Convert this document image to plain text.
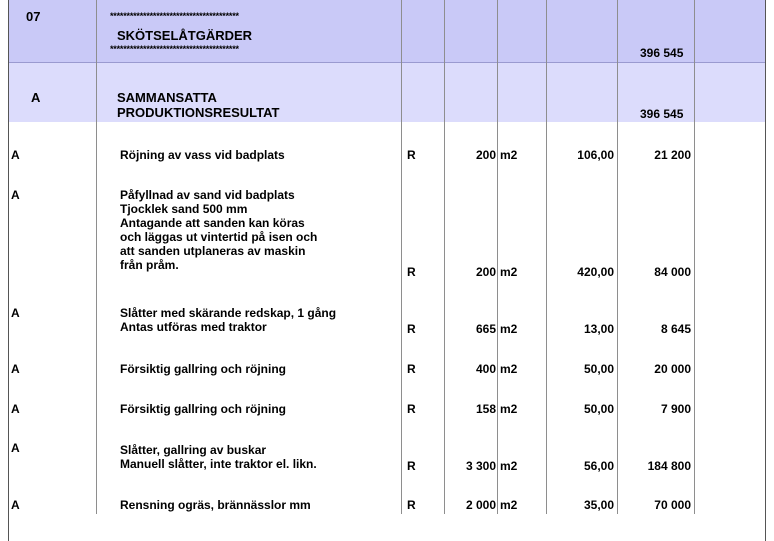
07	***************************************
SKÖTSELÅTGÄRDER
***************************************	396 545
A	SAMMANSATTA
PRODUKTIONSRESULTAT	396 545
A	Röjning av vass vid badplats	R	200 m2	106,00	21 200
A	Påfyllnad av sand vid badplats
Tjocklek sand 500 mm
Antagande att sanden kan köras
och läggas ut vintertid på isen och
att sanden utplaneras av maskin
från pråm.	R	200 m2	420,00	84 000
A	Slåtter med skärande redskap, 1 gång
Antas utföras med traktor	R	665 m2	13,00	8 645
A	Försiktig gallring och röjning	R	400 m2	50,00	20 000
A	Försiktig gallring och röjning	R	158 m2	50,00	7 900
A	Slåtter, gallring av buskar
Manuell slåtter, inte traktor el. likn.	R	3 300 m2	56,00	184 800
A	Rensning ogräs, brännässlor mm	R	2 000 m2	35,00	70 000
